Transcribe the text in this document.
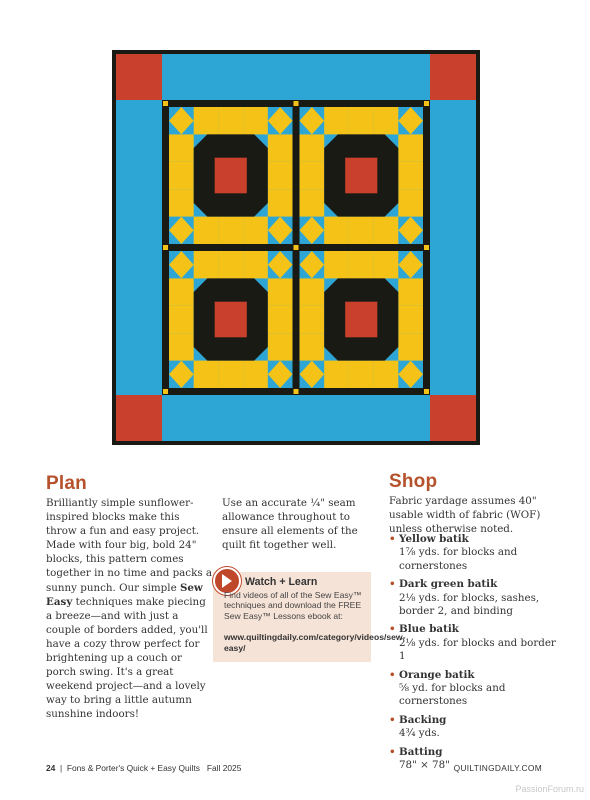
Plan

Brilliantly simple sunflower-inspired blocks make this throw a fun and easy project. Made with four big, bold 24" blocks, this pattern comes together in no time and packs a sunny punch. Our simple Sew Easy techniques make piecing a breeze—and with just a couple of borders added, you'll have a cozy throw perfect for brightening up a couch or porch swing. It's a great weekend project—and a lovely way to bring a little autumn sunshine indoors!

Use an accurate ¼" seam allowance throughout to ensure all elements of the quilt fit together well.

Watch + Learn

Find videos of all of the Sew Easy™ techniques and download the FREE Sew Easy™ Lessons ebook at:

www.quiltingdaily.com/category/videos/sew-easy/

Shop

Fabric yardage assumes 40" usable width of fabric (WOF) unless otherwise noted.

• Yellow batik
1⅞ yds. for blocks and cornerstones
• Dark green batik
2⅛ yds. for blocks, sashes, border 2, and binding
• Blue batik
2⅛ yds. for blocks and border 1
• Orange batik
⅝ yd. for blocks and cornerstones
• Backing
4¾ yds.
• Batting
78" × 78"

24 | Fons & Porter's Quick + Easy Quilts Fall 2025	QUILTINGDAILY.COM

PassionForum.ru
